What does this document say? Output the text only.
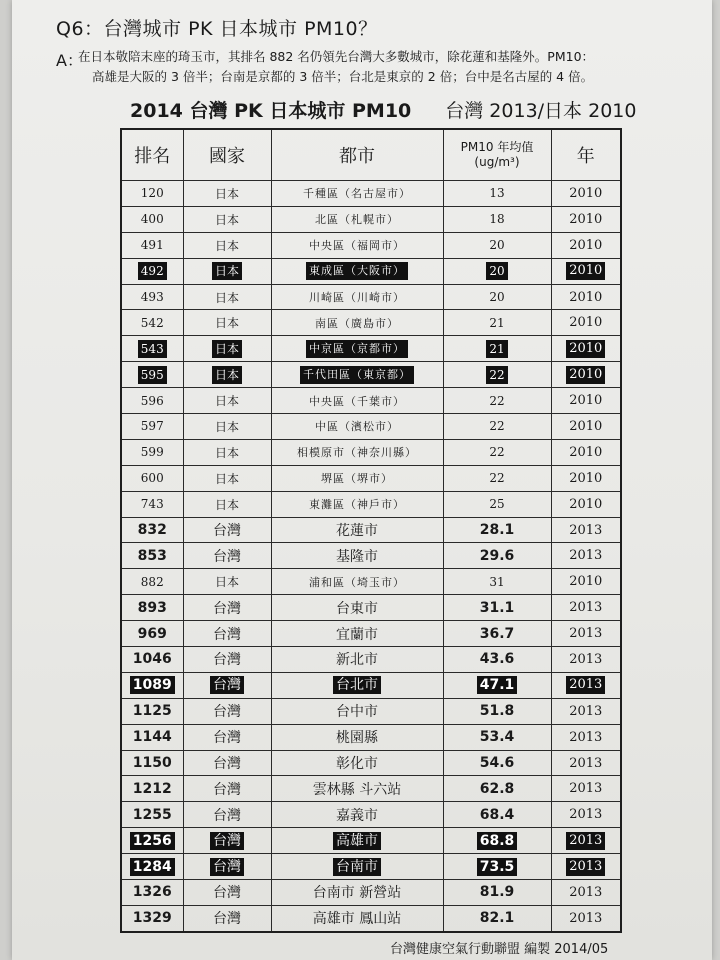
Q6：台灣城市 PK 日本城市 PM10？
A：
在日本敬陪末座的琦玉市，其排名 882 名仍領先台灣大多數城市，除花蓮和基隆外。PM10：
高雄是大阪的 3 倍半；台南是京都的 3 倍半；台北是東京的 2 倍；台中是名古屋的 4 倍。
2014 台灣 PK 日本城市 PM10 台灣 2013/日本 2010
排名	國家	都市	PM10 年均值
(ug/m³)	年
120	日本	千種區（名古屋市）	13	2010
400	日本	北區（札幌市）	18	2010
491	日本	中央區（福岡市）	20	2010
492	日本	東成區（大阪市）	20	2010
493	日本	川崎區（川崎市）	20	2010
542	日本	南區（廣島市）	21	2010
543	日本	中京區（京都市）	21	2010
595	日本	千代田區（東京都）	22	2010
596	日本	中央區（千葉市）	22	2010
597	日本	中區（濱松市）	22	2010
599	日本	相模原市（神奈川縣）	22	2010
600	日本	堺區（堺市）	22	2010
743	日本	東灘區（神戶市）	25	2010
832	台灣	花蓮市	28.1	2013
853	台灣	基隆市	29.6	2013
882	日本	浦和區（埼玉市）	31	2010
893	台灣	台東市	31.1	2013
969	台灣	宜蘭市	36.7	2013
1046	台灣	新北市	43.6	2013
1089	台灣	台北市	47.1	2013
1125	台灣	台中市	51.8	2013
1144	台灣	桃園縣	53.4	2013
1150	台灣	彰化市	54.6	2013
1212	台灣	雲林縣 斗六站	62.8	2013
1255	台灣	嘉義市	68.4	2013
1256	台灣	高雄市	68.8	2013
1284	台灣	台南市	73.5	2013
1326	台灣	台南市 新營站	81.9	2013
1329	台灣	高雄市 鳳山站	82.1	2013
台灣健康空氣行動聯盟 編製 2014/05
